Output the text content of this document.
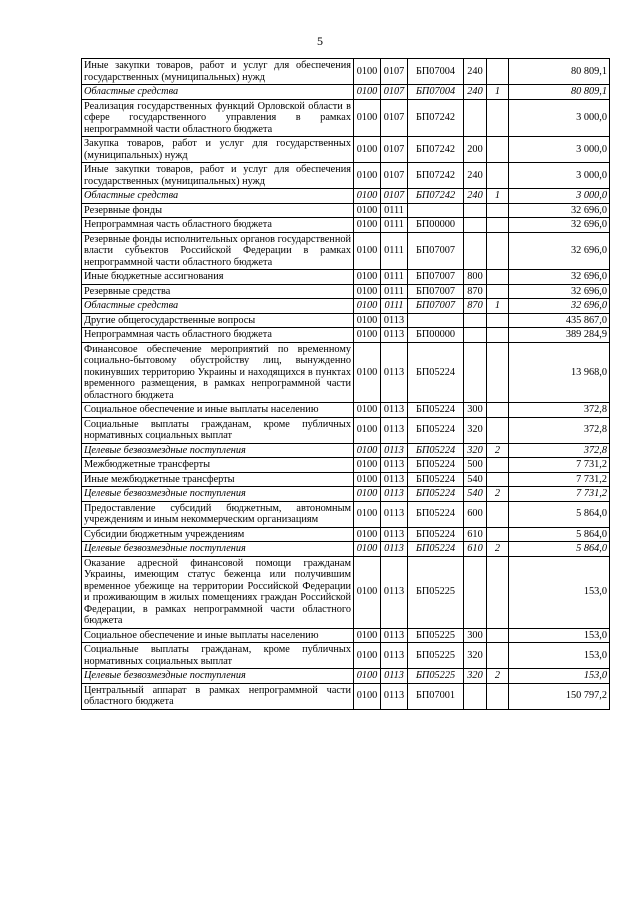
5
Иные закупки товаров, работ и услуг для обеспечения государственных (муниципальных) нужд	0100	0107	БП07004	240		80 809,1
Областные средства	0100	0107	БП07004	240	1	80 809,1
Реализация государственных функций Орловской области в сфере государственного управления в рамках непрограммной части областного бюджета	0100	0107	БП07242			3 000,0
Закупка товаров, работ и услуг для государственных (муниципальных) нужд	0100	0107	БП07242	200		3 000,0
Иные закупки товаров, работ и услуг для обеспечения государственных (муниципальных) нужд	0100	0107	БП07242	240		3 000,0
Областные средства	0100	0107	БП07242	240	1	3 000,0
Резервные фонды	0100	0111				32 696,0
Непрограммная часть областного бюджета	0100	0111	БП00000			32 696,0
Резервные фонды исполнительных органов государственной власти субъектов Российской Федерации в рамках непрограммной части областного бюджета	0100	0111	БП07007			32 696,0
Иные бюджетные ассигнования	0100	0111	БП07007	800		32 696,0
Резервные средства	0100	0111	БП07007	870		32 696,0
Областные средства	0100	0111	БП07007	870	1	32 696,0
Другие общегосударственные вопросы	0100	0113				435 867,0
Непрограммная часть областного бюджета	0100	0113	БП00000			389 284,9
Финансовое обеспечение мероприятий по временному социально-бытовому обустройству лиц, вынужденно покинувших территорию Украины и находящихся в пунктах временного размещения, в рамках непрограммной части областного бюджета	0100	0113	БП05224			13 968,0
Социальное обеспечение и иные выплаты населению	0100	0113	БП05224	300		372,8
Социальные выплаты гражданам, кроме публичных нормативных социальных выплат	0100	0113	БП05224	320		372,8
Целевые безвозмездные поступления	0100	0113	БП05224	320	2	372,8
Межбюджетные трансферты	0100	0113	БП05224	500		7 731,2
Иные межбюджетные трансферты	0100	0113	БП05224	540		7 731,2
Целевые безвозмездные поступления	0100	0113	БП05224	540	2	7 731,2
Предоставление субсидий бюджетным, автономным учреждениям и иным некоммерческим организациям	0100	0113	БП05224	600		5 864,0
Субсидии бюджетным учреждениям	0100	0113	БП05224	610		5 864,0
Целевые безвозмездные поступления	0100	0113	БП05224	610	2	5 864,0
Оказание адресной финансовой помощи гражданам Украины, имеющим статус беженца или получившим временное убежище на территории Российской Федерации и проживающим в жилых помещениях граждан Российской Федерации, в рамках непрограммной части областного бюджета	0100	0113	БП05225			153,0
Социальное обеспечение и иные выплаты населению	0100	0113	БП05225	300		153,0
Социальные выплаты гражданам, кроме публичных нормативных социальных выплат	0100	0113	БП05225	320		153,0
Целевые безвозмездные поступления	0100	0113	БП05225	320	2	153,0
Центральный аппарат в рамках непрограммной части областного бюджета	0100	0113	БП07001			150 797,2
